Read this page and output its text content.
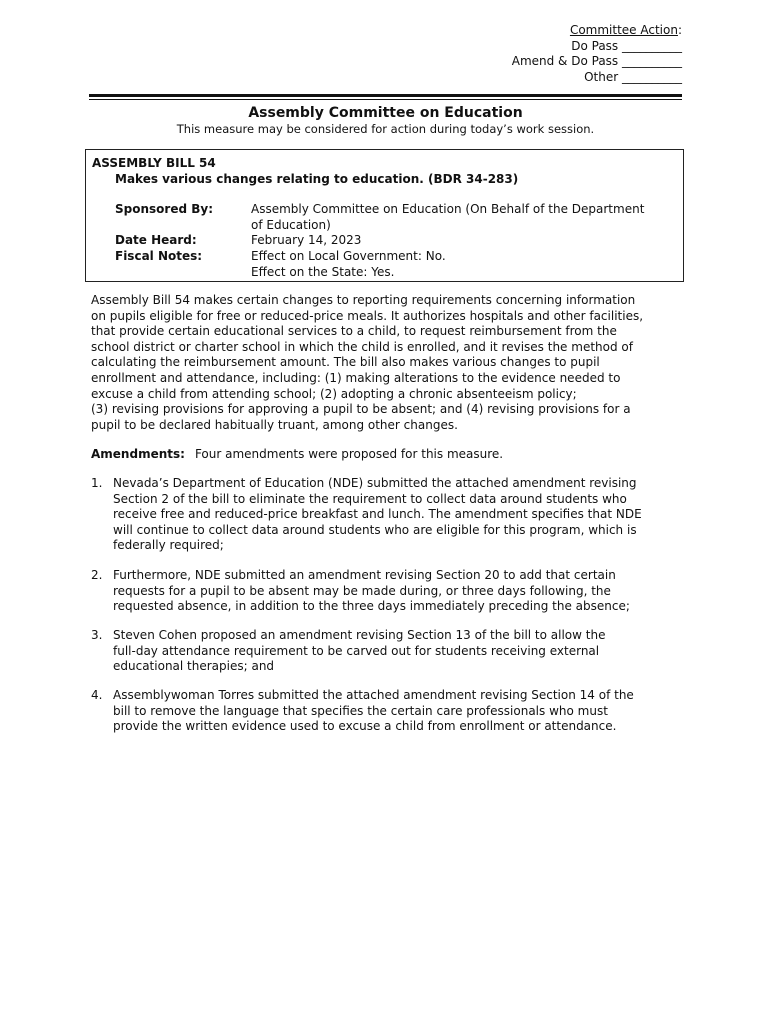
Committee Action:
Do Pass __________
Amend & Do Pass __________
Other __________
Assembly Committee on Education
This measure may be considered for action during today’s work session.
ASSEMBLY BILL 54
Makes various changes relating to education. (BDR 34-283)
Sponsored By:	Assembly Committee on Education (On Behalf of the Department
of Education)
Date Heard:	February 14, 2023
Fiscal Notes:	Effect on Local Government: No.
Effect on the State: Yes.
Assembly Bill 54 makes certain changes to reporting requirements concerning information
on pupils eligible for free or reduced-price meals. It authorizes hospitals and other facilities,
that provide certain educational services to a child, to request reimbursement from the
school district or charter school in which the child is enrolled, and it revises the method of
calculating the reimbursement amount. The bill also makes various changes to pupil
enrollment and attendance, including: (1) making alterations to the evidence needed to
excuse a child from attending school; (2) adopting a chronic absenteeism policy;
(3) revising provisions for approving a pupil to be absent; and (4) revising provisions for a
pupil to be declared habitually truant, among other changes.
Amendments: Four amendments were proposed for this measure.
1. Nevada’s Department of Education (NDE) submitted the attached amendment revising
Section 2 of the bill to eliminate the requirement to collect data around students who
receive free and reduced-price breakfast and lunch. The amendment specifies that NDE
will continue to collect data around students who are eligible for this program, which is
federally required;
2. Furthermore, NDE submitted an amendment revising Section 20 to add that certain
requests for a pupil to be absent may be made during, or three days following, the
requested absence, in addition to the three days immediately preceding the absence;
3. Steven Cohen proposed an amendment revising Section 13 of the bill to allow the
full-day attendance requirement to be carved out for students receiving external
educational therapies; and
4. Assemblywoman Torres submitted the attached amendment revising Section 14 of the
bill to remove the language that specifies the certain care professionals who must
provide the written evidence used to excuse a child from enrollment or attendance.
